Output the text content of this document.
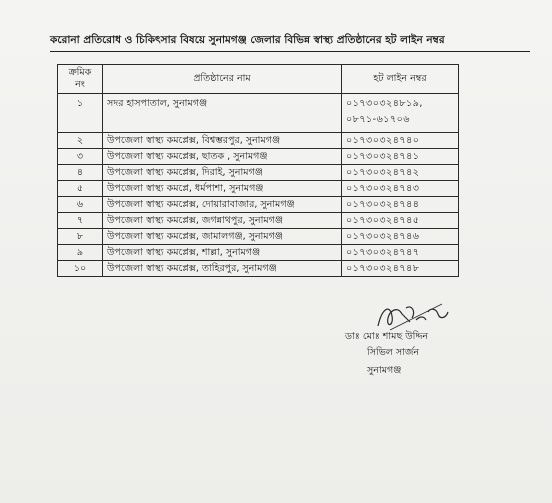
করোনা প্রতিরোধ ও চিকিৎসার বিষয়ে সুনামগঞ্জ জেলার বিভিন্ন স্বাস্থ্য প্রতিষ্ঠানের হট লাইন নম্বর
ক্রমিক
নং	প্রতিষ্ঠানের নাম	হট লাইন নম্বর
১	সদর হাসপাতাল, সুনামগঞ্জ	০১৭৩০৩২৪৮১৯,
০৮৭১-৬১৭০৬
২	উপজেলা স্বাস্থ্য কমপ্লেক্স, বিশ্বম্ভরপুর, সুনামগঞ্জ	০১৭৩০৩২৪৭৪০
৩	উপজেলা স্বাস্থ্য কমপ্লেক্স, ছাতক , সুনামগঞ্জ	০১৭৩০৩২৪৭৪১
৪	উপজেলা স্বাস্থ্য কমপ্লেক্স, দিরাই, সুনামগঞ্জ	০১৭৩০৩২৪৭৪২
৫	উপজেলা স্বাস্থ্য কমপ্লে, ধর্মপাশা, সুনামগঞ্জ	০১৭৩০৩২৪৭৪৩
৬	উপজেলা স্বাস্থ্য কমপ্লেক্স, দোয়ারাবাজার, সুনামগঞ্জ	০১৭৩০৩২৪৭৪৪
৭	উপজেলা স্বাস্থ্য কমপ্লেক্স, জগন্নাথপুর, সুনামগঞ্জ	০১৭৩০৩২৪৭৪৫
৮	উপজেলা স্বাস্থ্য কমপ্লেক্স, জামালগঞ্জ, সুনামগঞ্জ	০১৭৩০৩২৪৭৪৬
৯	উপজেলা স্বাস্থ্য কমপ্লেক্স, শাল্লা, সুনামগঞ্জ	০১৭৩০৩২৪৭৪৭
১০	উপজেলা স্বাস্থ্য কমপ্লেক্স, তাহিরপুর, সুনামগঞ্জ	০১৭৩০৩২৪৭৪৮
ডাঃ মোঃ শামছ উদ্দিন
সিভিল সার্জন
সুনামগঞ্জ
